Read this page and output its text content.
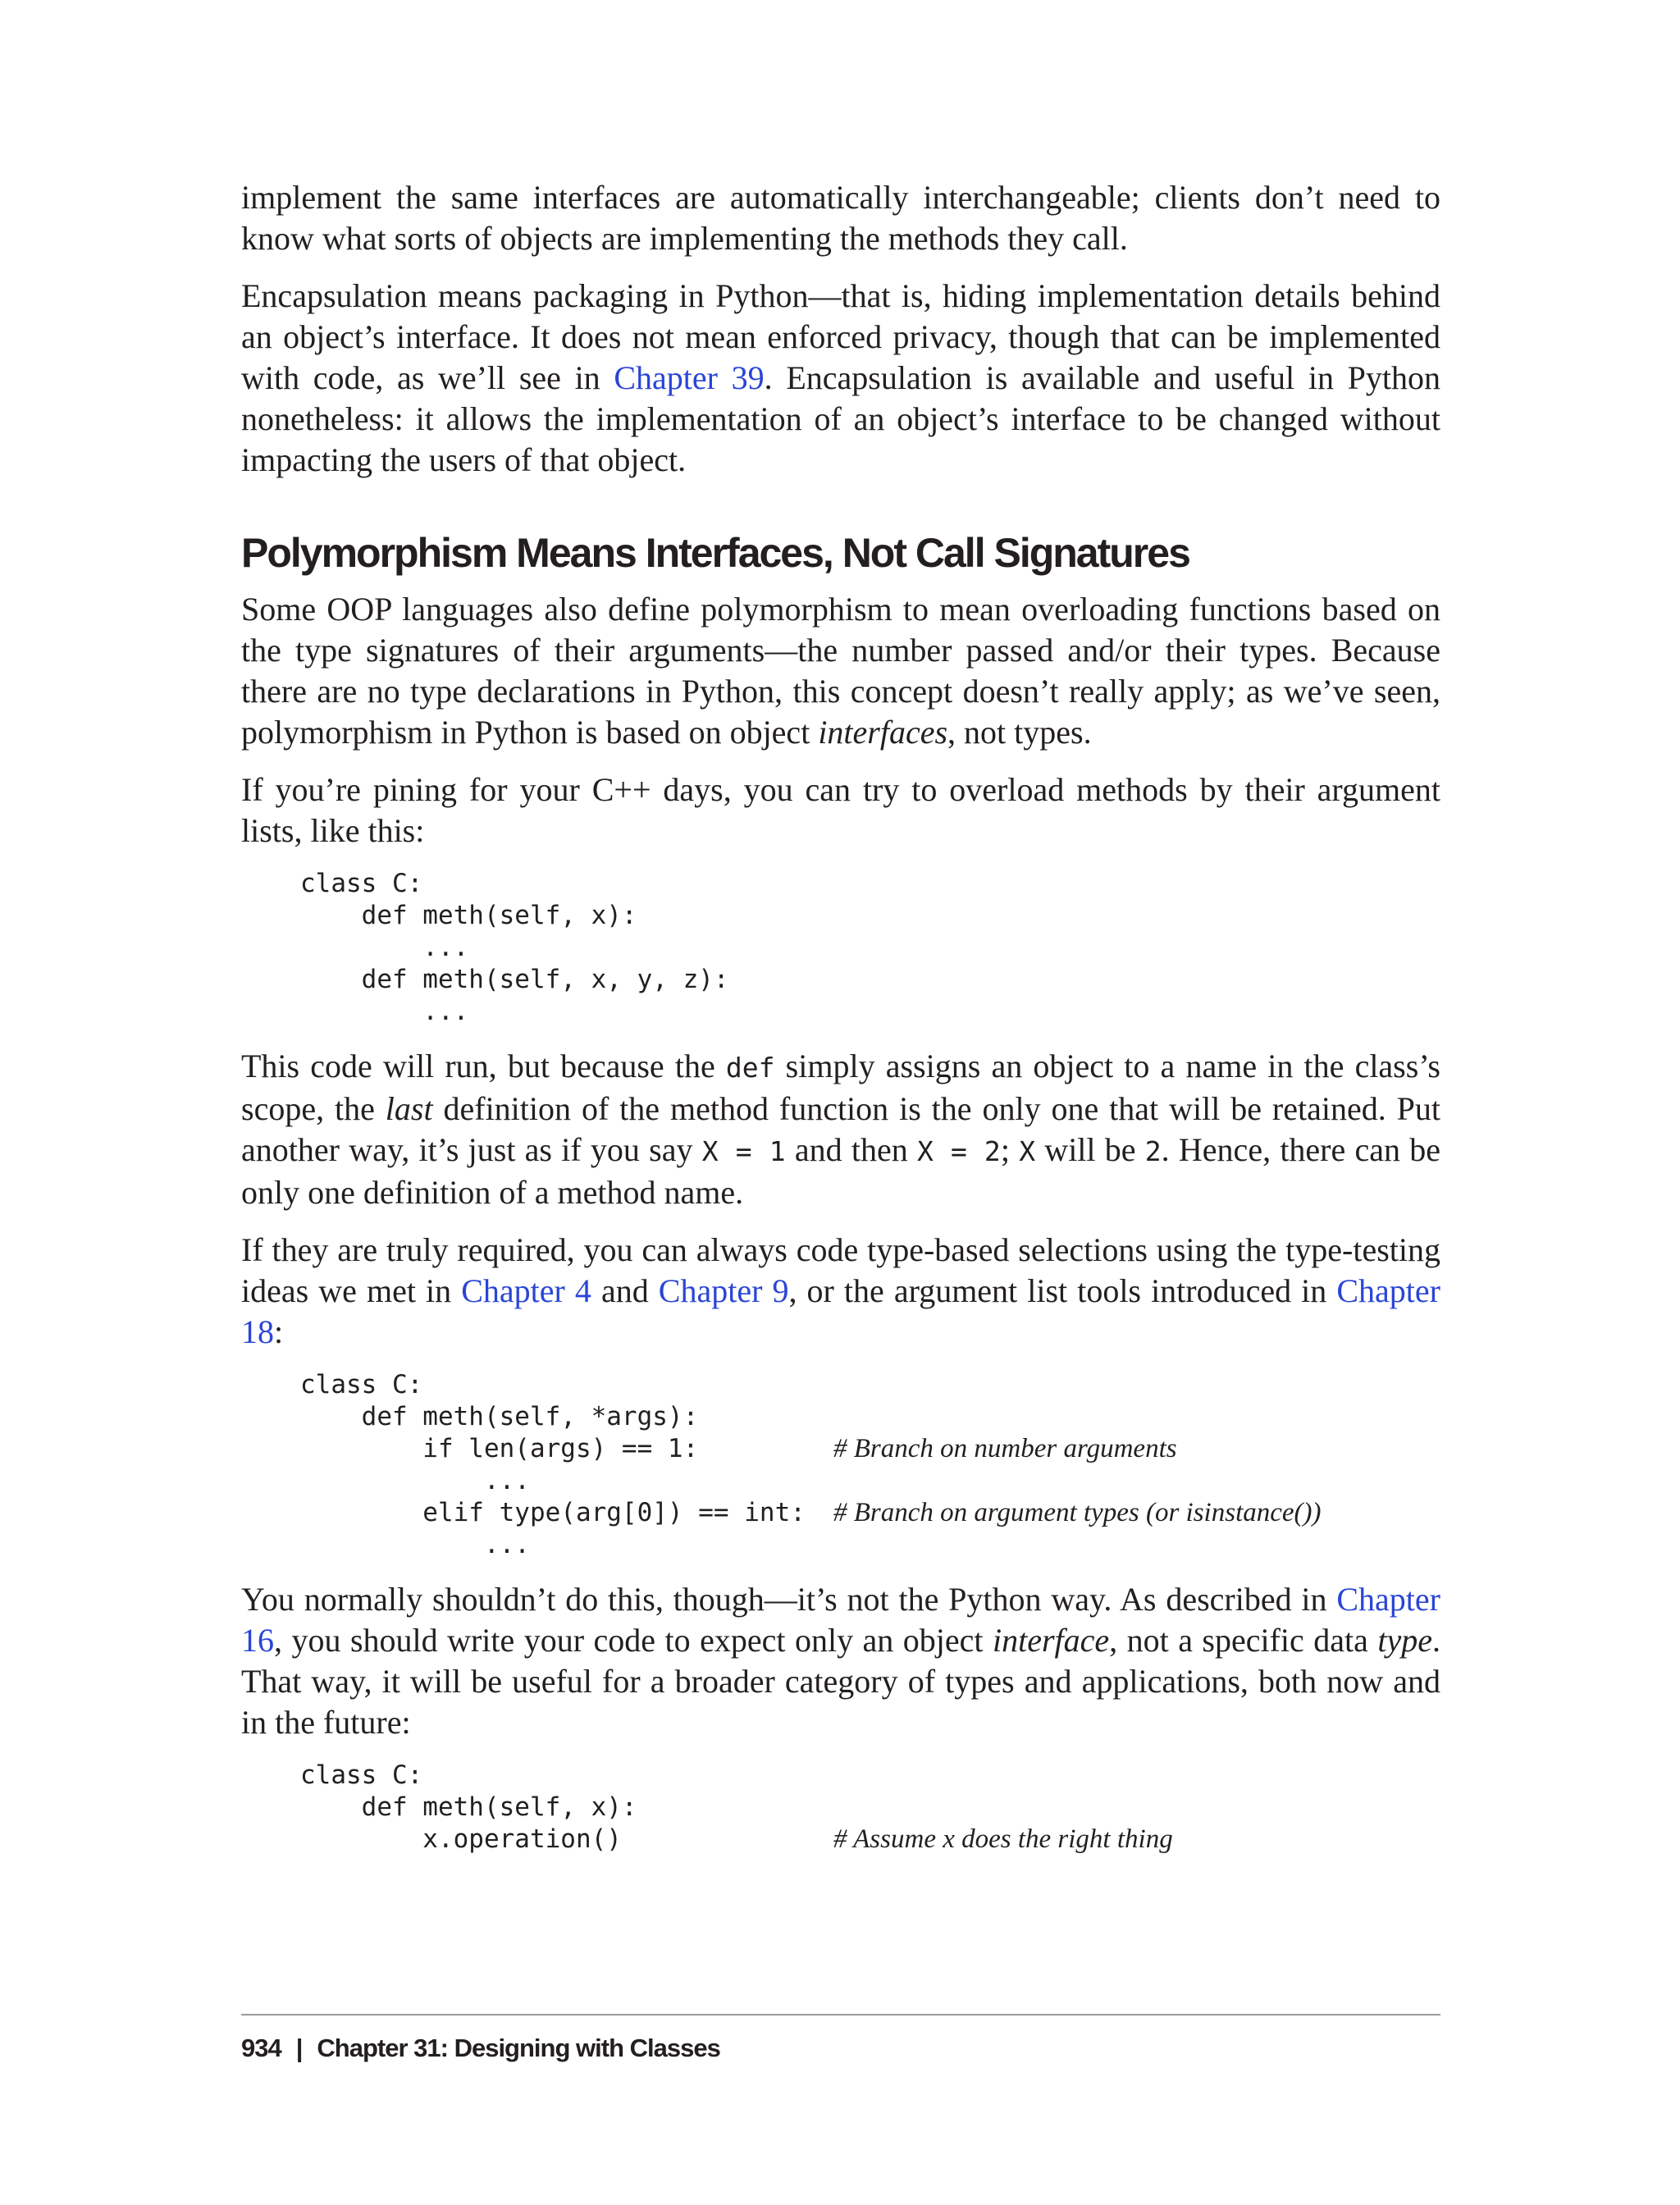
implement the same interfaces are automatically interchangeable; clients don’t need to know what sorts of objects are implementing the methods they call.

Encapsulation means packaging in Python—that is, hiding implementation details behind an object’s interface. It does not mean enforced privacy, though that can be implemented with code, as we’ll see in Chapter 39. Encapsulation is available and useful in Python nonetheless: it allows the implementation of an object’s interface to be changed without impacting the users of that object.

Polymorphism Means Interfaces, Not Call Signatures

Some OOP languages also define polymorphism to mean overloading functions based on the type signatures of their arguments—the number passed and/or their types. Because there are no type declarations in Python, this concept doesn’t really apply; as we’ve seen, polymorphism in Python is based on object interfaces, not types.

If you’re pining for your C++ days, you can try to overload methods by their argument lists, like this:

class C:
def meth(self, x):
...
def meth(self, x, y, z):
...

This code will run, but because the def simply assigns an object to a name in the class’s scope, the last definition of the method function is the only one that will be retained. Put another way, it’s just as if you say X = 1 and then X = 2; X will be 2. Hence, there can be only one definition of a method name.

If they are truly required, you can always code type-based selections using the type-testing ideas we met in Chapter 4 and Chapter 9, or the argument list tools introduced in Chapter 18:

class C:
def meth(self, *args):
if len(args) == 1:	# Branch on number arguments
...
elif type(arg[0]) == int: # Branch on argument types (or isinstance())
...

You normally shouldn’t do this, though—it’s not the Python way. As described in Chapter 16, you should write your code to expect only an object interface, not a specific data type. That way, it will be useful for a broader category of types and applications, both now and in the future:

class C:
def meth(self, x):
x.operation()	# Assume x does the right thing
934 | Chapter 31: Designing with Classes
